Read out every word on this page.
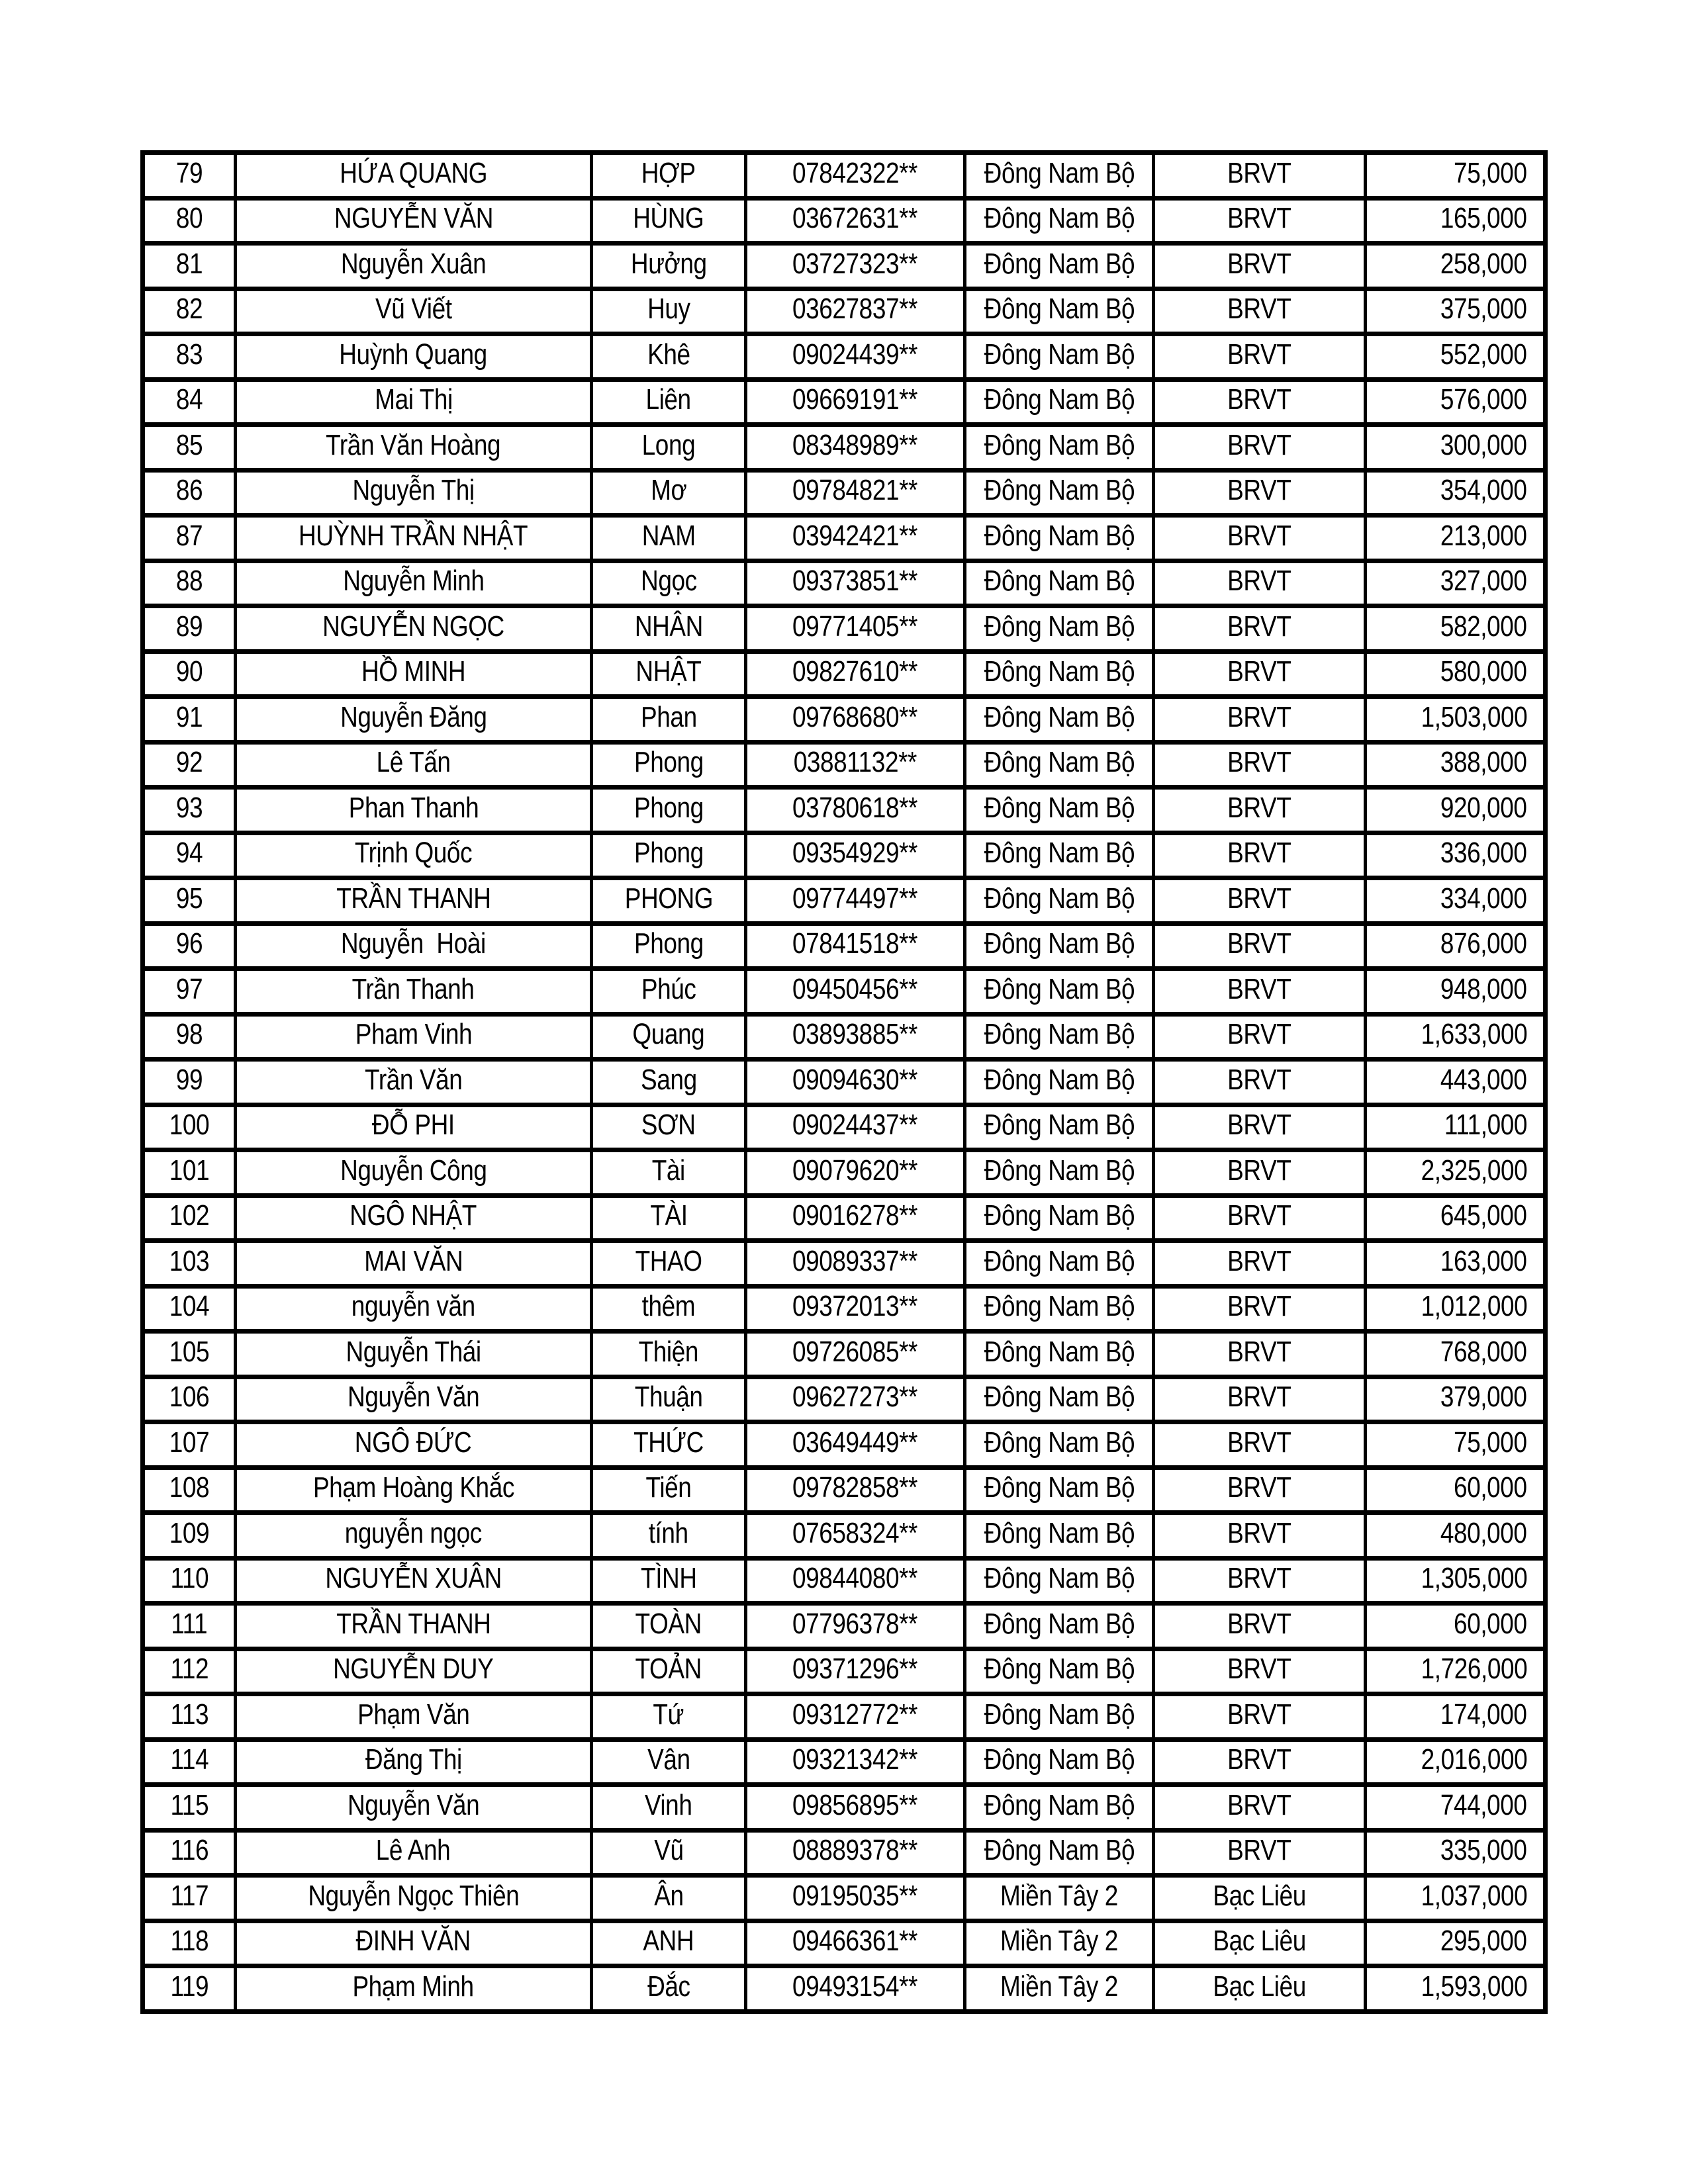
79	HỨA QUANG	HỢP	07842322** Đông Nam Bộ	BRVT	75,000
80	NGUYỄN VĂN	HÙNG	03672631** Đông Nam Bộ	BRVT	165,000
81	Nguyễn Xuân	Hưởng	03727323** Đông Nam Bộ	BRVT	258,000
82	Vũ Viết	Huy	03627837** Đông Nam Bộ	BRVT	375,000
83	Huỳnh Quang	Khê	09024439** Đông Nam Bộ	BRVT	552,000
84	Mai Thị	Liên	09669191** Đông Nam Bộ	BRVT	576,000
85	Trần Văn Hoàng	Long	08348989** Đông Nam Bộ	BRVT	300,000
86	Nguyễn Thị	Mơ	09784821** Đông Nam Bộ	BRVT	354,000
87	HUỲNH TRẦN NHẬT	NAM	03942421** Đông Nam Bộ	BRVT	213,000
88	Nguyễn Minh	Ngọc	09373851** Đông Nam Bộ	BRVT	327,000
89	NGUYỄN NGỌC	NHÂN	09771405** Đông Nam Bộ	BRVT	582,000
90	HỒ MINH	NHẬT	09827610** Đông Nam Bộ	BRVT	580,000
91	Nguyễn Đăng	Phan	09768680** Đông Nam Bộ	BRVT	1,503,000
92	Lê Tấn	Phong	03881132** Đông Nam Bộ	BRVT	388,000
93	Phan Thanh	Phong	03780618** Đông Nam Bộ	BRVT	920,000
94	Trịnh Quốc	Phong	09354929** Đông Nam Bộ	BRVT	336,000
95	TRẦN THANH	PHONG	09774497** Đông Nam Bộ	BRVT	334,000
96	Nguyễn  Hoài	Phong	07841518** Đông Nam Bộ	BRVT	876,000
97	Trần Thanh	Phúc	09450456** Đông Nam Bộ	BRVT	948,000
98	Pham Vinh	Quang	03893885** Đông Nam Bộ	BRVT	1,633,000
99	Trần Văn	Sang	09094630** Đông Nam Bộ	BRVT	443,000
100	ĐỖ PHI	SƠN	09024437** Đông Nam Bộ	BRVT	111,000
101	Nguyễn Công	Tài	09079620** Đông Nam Bộ	BRVT	2,325,000
102	NGÔ NHẬT	TÀI	09016278** Đông Nam Bộ	BRVT	645,000
103	MAI VĂN	THAO	09089337** Đông Nam Bộ	BRVT	163,000
104	nguyễn văn	thêm	09372013** Đông Nam Bộ	BRVT	1,012,000
105	Nguyễn Thái	Thiện	09726085** Đông Nam Bộ	BRVT	768,000
106	Nguyễn Văn	Thuận	09627273** Đông Nam Bộ	BRVT	379,000
107	NGÔ ĐỨC	THỨC	03649449** Đông Nam Bộ	BRVT	75,000
108	Phạm Hoàng Khắc	Tiến	09782858** Đông Nam Bộ	BRVT	60,000
109	nguyễn ngọc	tính	07658324** Đông Nam Bộ	BRVT	480,000
110	NGUYỄN XUÂN	TÌNH	09844080** Đông Nam Bộ	BRVT	1,305,000
111	TRẦN THANH	TOÀN	07796378** Đông Nam Bộ	BRVT	60,000
112	NGUYỄN DUY	TOẢN	09371296** Đông Nam Bộ	BRVT	1,726,000
113	Phạm Văn	Tứ	09312772** Đông Nam Bộ	BRVT	174,000
114	Đăng Thị	Vân	09321342** Đông Nam Bộ	BRVT	2,016,000
115	Nguyễn Văn	Vinh	09856895** Đông Nam Bộ	BRVT	744,000
116	Lê Anh	Vũ	08889378** Đông Nam Bộ	BRVT	335,000
117	Nguyễn Ngọc Thiên	Ân	09195035**	Miền Tây 2	Bạc Liêu	1,037,000
118	ĐINH VĂN	ANH	09466361**	Miền Tây 2	Bạc Liêu	295,000
119	Phạm Minh	Đắc	09493154**	Miền Tây 2	Bạc Liêu	1,593,000
